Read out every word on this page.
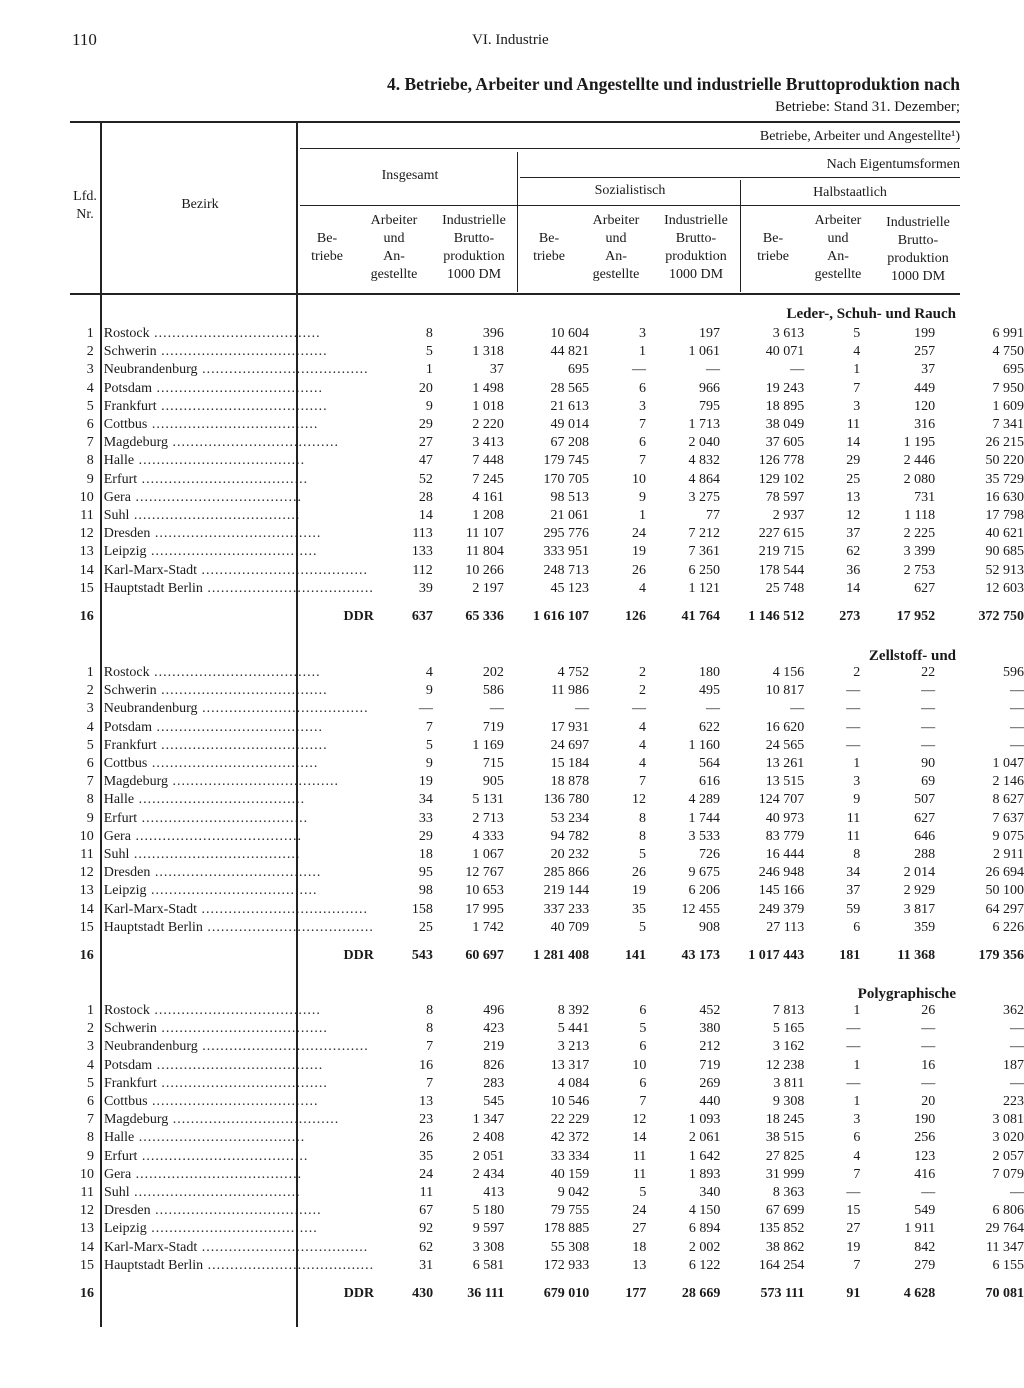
110	VI. Industrie
4. Betriebe, Arbeiter und Angestellte und industrielle Bruttoproduktion nach
Betriebe: Stand 31. Dezember;
Lfd. Nr.
Bezirk
Betriebe, Arbeiter und Angestellte¹)
Insgesamt
Nach Eigentumsformen
Sozialistisch	Halbstaatlich
Be-
triebe
Arbeiter
und
An-
gestellte
Industrielle
Brutto-
produktion
1000 DM
Be-
triebe
Arbeiter
und
An-
gestellte
Industrielle
Brutto-
produktion
1000 DM
Be-
triebe
Arbeiter
und
An-
gestellte
Industrielle
Brutto-
produktion
1000 DM
Leder-, Schuh- und Rauch
1	Rostock .....	8	396	10 604	3	197	3 613	5	199	6 991
2	Schwerin .....	5	1 318	44 821	1	1 061	40 071	4	257	4 750
3	Neubrandenburg .....	1	37	695	—	—	—	1	37	695
4	Potsdam .....	20	1 498	28 565	6	966	19 243	7	449	7 950
5	Frankfurt .....	9	1 018	21 613	3	795	18 895	3	120	1 609
6	Cottbus .....	29	2 220	49 014	7	1 713	38 049	11	316	7 341
7	Magdeburg .....	27	3 413	67 208	6	2 040	37 605	14	1 195	26 215
8	Halle .....	47	7 448	179 745	7	4 832	126 778	29	2 446	50 220
9	Erfurt .....	52	7 245	170 705	10	4 864	129 102	25	2 080	35 729
10	Gera .....	28	4 161	98 513	9	3 275	78 597	13	731	16 630
11	Suhl .....	14	1 208	21 061	1	77	2 937	12	1 118	17 798
12	Dresden .....	113	11 107	295 776	24	7 212	227 615	37	2 225	40 621
13	Leipzig .....	133	11 804	333 951	19	7 361	219 715	62	3 399	90 685
14	Karl-Marx-Stadt .....	112	10 266	248 713	26	6 250	178 544	36	2 753	52 913
15	Hauptstadt Berlin .....	39	2 197	45 123	4	1 121	25 748	14	627	12 603

16	DDR	637	65 336	1 616 107	126	41 764	1 146 512	273	17 952	372 750
Zellstoff- und
1	Rostock .....	4	202	4 752	2	180	4 156	2	22	596
2	Schwerin .....	9	586	11 986	2	495	10 817	—	—	—
3	Neubrandenburg .....	—	—	—	—	—	—	—	—	—
4	Potsdam .....	7	719	17 931	4	622	16 620	—	—	—
5	Frankfurt .....	5	1 169	24 697	4	1 160	24 565	—	—	—
6	Cottbus .....	9	715	15 184	4	564	13 261	1	90	1 047
7	Magdeburg .....	19	905	18 878	7	616	13 515	3	69	2 146
8	Halle .....	34	5 131	136 780	12	4 289	124 707	9	507	8 627
9	Erfurt .....	33	2 713	53 234	8	1 744	40 973	11	627	7 637
10	Gera .....	29	4 333	94 782	8	3 533	83 779	11	646	9 075
11	Suhl .....	18	1 067	20 232	5	726	16 444	8	288	2 911
12	Dresden .....	95	12 767	285 866	26	9 675	246 948	34	2 014	26 694
13	Leipzig .....	98	10 653	219 144	19	6 206	145 166	37	2 929	50 100
14	Karl-Marx-Stadt .....	158	17 995	337 233	35	12 455	249 379	59	3 817	64 297
15	Hauptstadt Berlin .....	25	1 742	40 709	5	908	27 113	6	359	6 226

16	DDR	543	60 697	1 281 408	141	43 173	1 017 443	181	11 368	179 356
Polygraphische
1	Rostock .....	8	496	8 392	6	452	7 813	1	26	362
2	Schwerin .....	8	423	5 441	5	380	5 165	—	—	—
3	Neubrandenburg .....	7	219	3 213	6	212	3 162	—	—	—
4	Potsdam .....	16	826	13 317	10	719	12 238	1	16	187
5	Frankfurt .....	7	283	4 084	6	269	3 811	—	—	—
6	Cottbus .....	13	545	10 546	7	440	9 308	1	20	223
7	Magdeburg .....	23	1 347	22 229	12	1 093	18 245	3	190	3 081
8	Halle .....	26	2 408	42 372	14	2 061	38 515	6	256	3 020
9	Erfurt .....	35	2 051	33 334	11	1 642	27 825	4	123	2 057
10	Gera .....	24	2 434	40 159	11	1 893	31 999	7	416	7 079
11	Suhl .....	11	413	9 042	5	340	8 363	—	—	—
12	Dresden .....	67	5 180	79 755	24	4 150	67 699	15	549	6 806
13	Leipzig .....	92	9 597	178 885	27	6 894	135 852	27	1 911	29 764
14	Karl-Marx-Stadt .....	62	3 308	55 308	18	2 002	38 862	19	842	11 347
15	Hauptstadt Berlin .....	31	6 581	172 933	13	6 122	164 254	7	279	6 155

16	DDR	430	36 111	679 010	177	28 669	573 111	91	4 628	70 081
